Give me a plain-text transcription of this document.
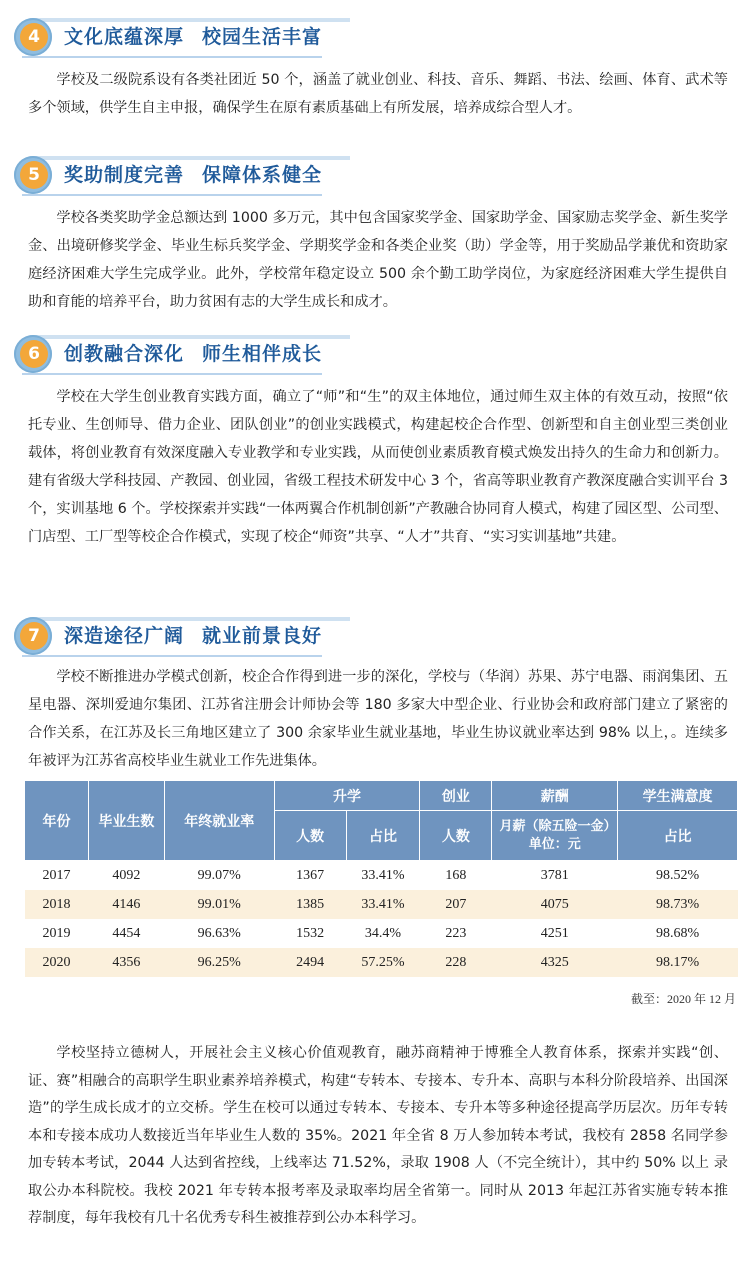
4	文化底蕴深厚 校园生活丰富

学校及二级院系设有各类社团近 50 个，涵盖了就业创业、科技、音乐、舞蹈、书法、绘画、体育、武术等多个领域，供学生自主申报，确保学生在原有素质基础上有所发展，培养成综合型人才。

5	奖助制度完善 保障体系健全

学校各类奖助学金总额达到 1000 多万元，其中包含国家奖学金、国家助学金、国家励志奖学金、新生奖学金、出境研修奖学金、毕业生标兵奖学金、学期奖学金和各类企业奖（助）学金等，用于奖励品学兼优和资助家庭经济困难大学生完成学业。此外，学校常年稳定设立 500 余个勤工助学岗位，为家庭经济困难大学生提供自助和育能的培养平台，助力贫困有志的大学生成长和成才。

6	创教融合深化 师生相伴成长

学校在大学生创业教育实践方面，确立了“师”和“生”的双主体地位，通过师生双主体的有效互动，按照“依托专业、生创师导、借力企业、团队创业”的创业实践模式，构建起校企合作型、创新型和自主创业型三类创业载体，将创业教育有效深度融入专业教学和专业实践，从而使创业素质教育模式焕发出持久的生命力和创新力。建有省级大学科技园、产教园、创业园，省级工程技术研发中心 3 个，省高等职业教育产教深度融合实训平台 3 个，实训基地 6 个。学校探索并实践“一体两翼合作机制创新”产教融合协同育人模式，构建了园区型、公司型、门店型、工厂型等校企合作模式，实现了校企“师资”共享、“人才”共育、“实习实训基地”共建。

7	深造途径广阔 就业前景良好

学校不断推进办学模式创新，校企合作得到进一步的深化，学校与（华润）苏果、苏宁电器、雨润集团、五星电器、深圳爱迪尔集团、江苏省注册会计师协会等 180 多家大中型企业、行业协会和政府部门建立了紧密的合作关系，在江苏及长三角地区建立了 300 余家毕业生就业基地，毕业生协议就业率达到 98% 以上，。连续多年被评为江苏省高校毕业生就业工作先进集体。

年份	毕业生数	年终就业率	升学		创业	薪酬	学生满意度
			人数	占比	人数	月薪（除五险一金）单位：元	占比
2017	4092	99.07%	1367	33.41%	168	3781	98.52%
2018	4146	99.01%	1385	33.41%	207	4075	98.73%
2019	4454	96.63%	1532	34.4%	223	4251	98.68%
2020	4356	96.25%	2494	57.25%	228	4325	98.17%
截至：2020 年 12 月

学校坚持立德树人，开展社会主义核心价值观教育，融苏商精神于博雅全人教育体系，探索并实践“创、证、赛”相融合的高职学生职业素养培养模式，构建“专转本、专接本、专升本、高职与本科分阶段培养、出国深造”的学生成长成才的立交桥。学生在校可以通过专转本、专接本、专升本等多种途径提高学历层次。历年专转本和专接本成功人数接近当年毕业生人数的 35%。2021 年全省 8 万人参加转本考试，我校有 2858 名同学参加专转本考试，2044 人达到省控线，上线率达 71.52%，录取 1908 人（不完全统计），其中约 50% 以上 录取公办本科院校。我校 2021 年专转本报考率及录取率均居全省第一。同时从 2013 年起江苏省实施专转本推荐制度，每年我校有几十名优秀专科生被推荐到公办本科学习。
